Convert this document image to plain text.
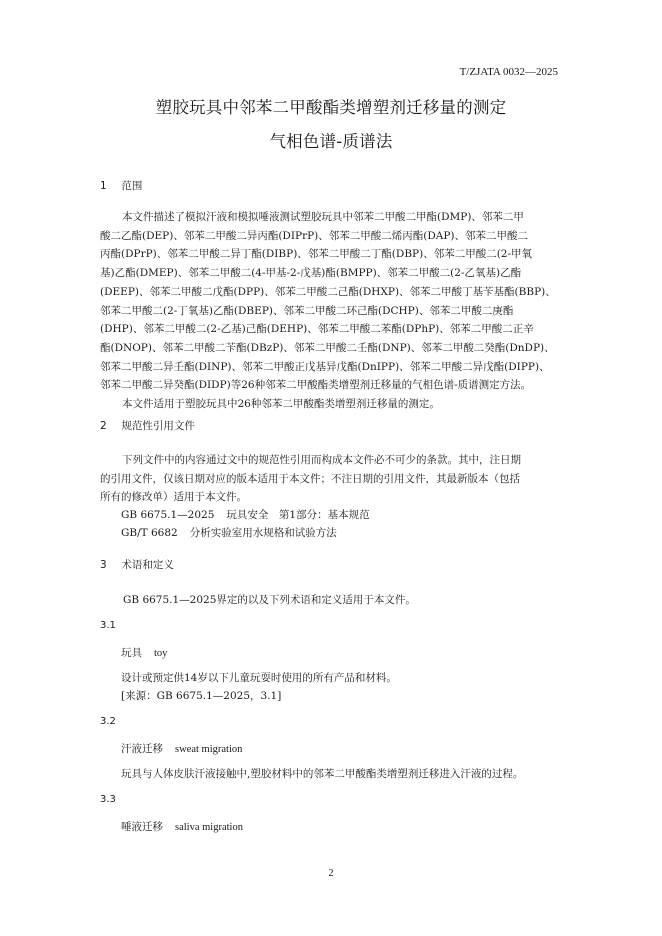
T/ZJATA 0032—2025
塑胶玩具中邻苯二甲酸酯类增塑剂迁移量的测定
气相色谱-质谱法
1 范围

本文件描述了模拟汗液和模拟唾液测试塑胶玩具中邻苯二甲酸二甲酯(DMP)、邻苯二甲
酸二乙酯(DEP)、邻苯二甲酸二异丙酯(DIPrP)、邻苯二甲酸二烯丙酯(DAP)、邻苯二甲酸二
丙酯(DPrP)、邻苯二甲酸二异丁酯(DIBP)、邻苯二甲酸二丁酯(DBP)、邻苯二甲酸二(2-甲氧
基)乙酯(DMEP)、邻苯二甲酸二(4-甲基-2-戊基)酯(BMPP)、邻苯二甲酸二(2-乙氧基)乙酯
(DEEP)、邻苯二甲酸二戊酯(DPP)、邻苯二甲酸二己酯(DHXP)、邻苯二甲酸丁基苄基酯(BBP)、
邻苯二甲酸二(2-丁氧基)乙酯(DBEP)、邻苯二甲酸二环己酯(DCHP)、邻苯二甲酸二庚酯
(DHP)、邻苯二甲酸二(2-乙基)己酯(DEHP)、邻苯二甲酸二苯酯(DPhP)、邻苯二甲酸二正辛
酯(DNOP)、邻苯二甲酸二苄酯(DBzP)、邻苯二甲酸二壬酯(DNP)、邻苯二甲酸二癸酯(DnDP)、
邻苯二甲酸二异壬酯(DINP)、邻苯二甲酸正戊基异戊酯(DnIPP)、邻苯二甲酸二异戊酯(DIPP)、
邻苯二甲酸二异癸酯(DIDP)等26种邻苯二甲酸酯类增塑剂迁移量的气相色谱-质谱测定方法。
本文件适用于塑胶玩具中26种邻苯二甲酸酯类增塑剂迁移量的测定。

2 规范性引用文件

下列文件中的内容通过文中的规范性引用而构成本文件必不可少的条款。其中，注日期
的引用文件，仅该日期对应的版本适用于本文件；不注日期的引用文件，其最新版本（包括
所有的修改单）适用于本文件。

GB 6675.1—2025 玩具安全　第1部分：基本规范
GB/T 6682 分析实验室用水规格和试验方法
3 术语和定义
GB 6675.1—2025界定的以及下列术语和定义适用于本文件。
3.1
玩具 toy
设计或预定供14岁以下儿童玩耍时使用的所有产品和材料。
[来源：GB 6675.1—2025，3.1]
3.2
汗液迁移 sweat migration
玩具与人体皮肤汗液接触中,塑胶材料中的邻苯二甲酸酯类增塑剂迁移进入汗液的过程。
3.3
唾液迁移 saliva migration
2
